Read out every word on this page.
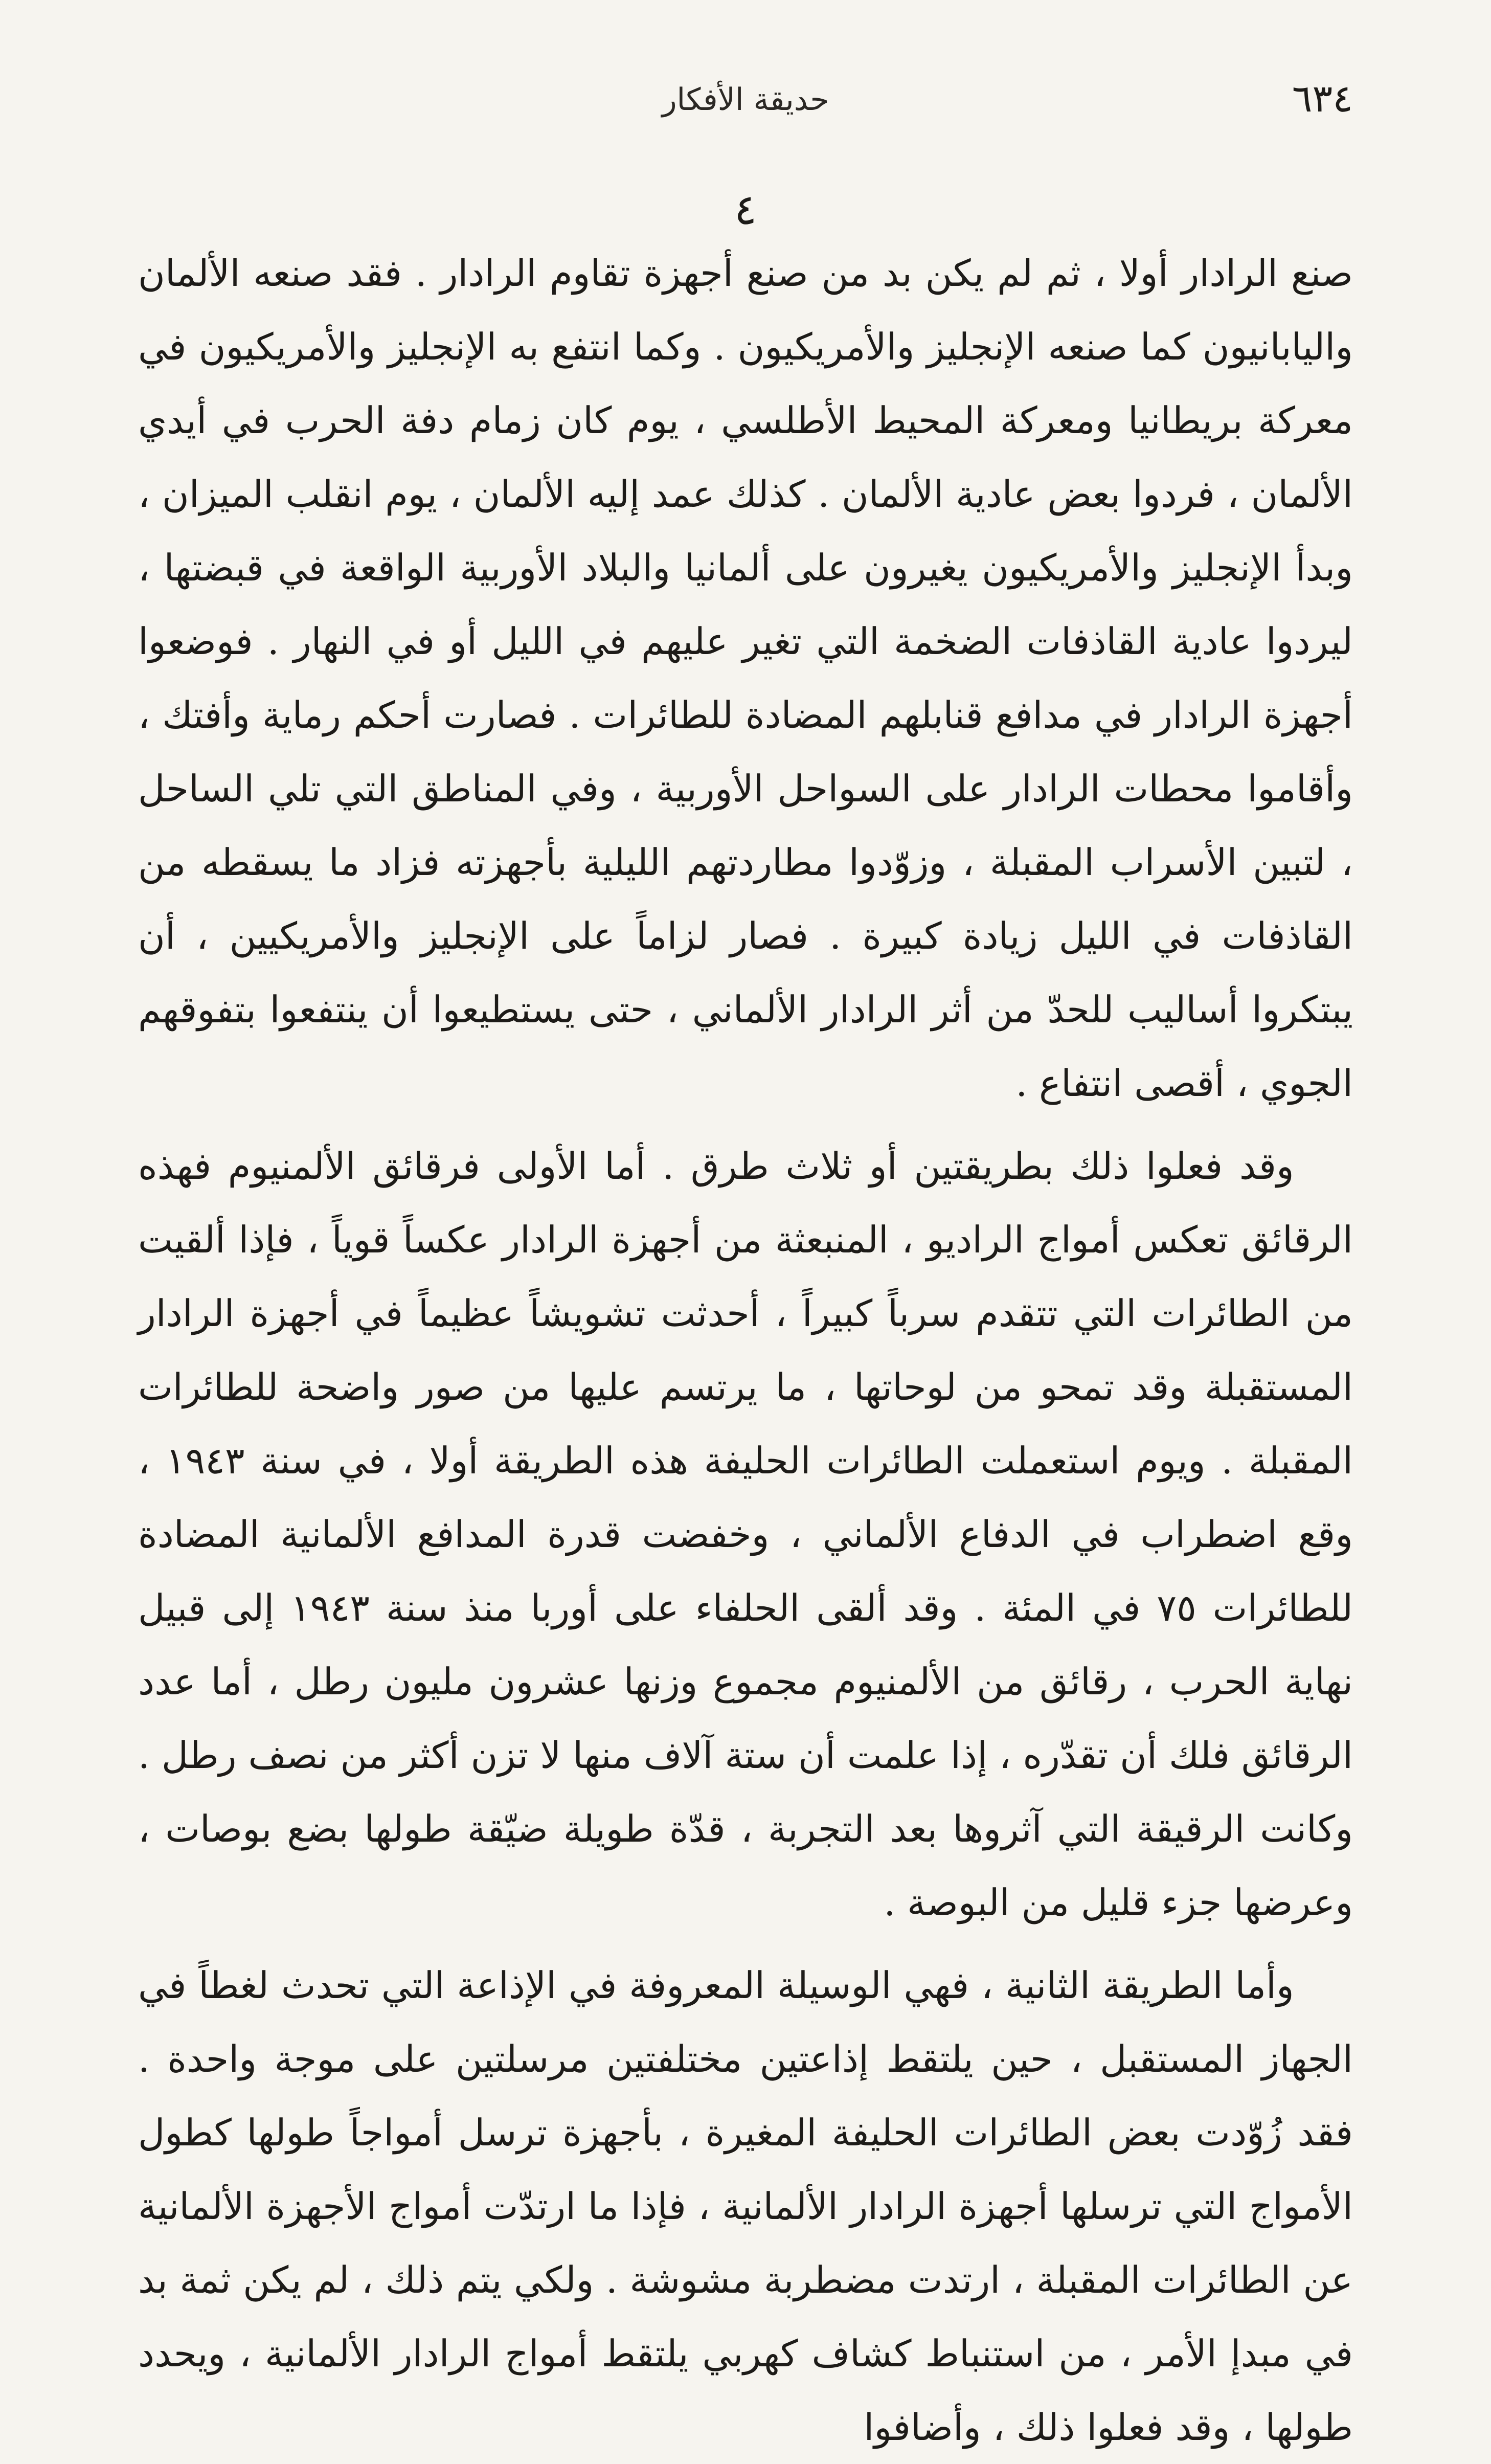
٦٣٤
حديقة الأفكار
٤

صنع الرادار أولا ، ثم لم يكن بد من صنع أجهزة تقاوم الرادار . فقد صنعه الألمان واليابانيون كما صنعه الإنجليز والأمريكيون . وكما انتفع به الإنجليز والأمريكيون في معركة بريطانيا ومعركة المحيط الأطلسي ، يوم كان زمام دفة الحرب في أيدي الألمان ، فردوا بعض عادية الألمان . كذلك عمد إليه الألمان ، يوم انقلب الميزان ، وبدأ الإنجليز والأمريكيون يغيرون على ألمانيا والبلاد الأوربية الواقعة في قبضتها ، ليردوا عادية القاذفات الضخمة التي تغير عليهم في الليل أو في النهار . فوضعوا أجهزة الرادار في مدافع قنابلهم المضادة للطائرات . فصارت أحكم رماية وأفتك ، وأقاموا محطات الرادار على السواحل الأوربية ، وفي المناطق التي تلي الساحل ، لتبين الأسراب المقبلة ، وزوّدوا مطاردتهم الليلية بأجهزته فزاد ما يسقطه من القاذفات في الليل زيادة كبيرة . فصار لزاماً على الإنجليز والأمريكيين ، أن يبتكروا أساليب للحدّ من أثر الرادار الألماني ، حتى يستطيعوا أن ينتفعوا بتفوقهم الجوي ، أقصى انتفاع .

وقد فعلوا ذلك بطريقتين أو ثلاث طرق . أما الأولى فرقائق الألمنيوم فهذه الرقائق تعكس أمواج الراديو ، المنبعثة من أجهزة الرادار عكساً قوياً ، فإذا ألقيت من الطائرات التي تتقدم سرباً كبيراً ، أحدثت تشويشاً عظيماً في أجهزة الرادار المستقبلة وقد تمحو من لوحاتها ، ما يرتسم عليها من صور واضحة للطائرات المقبلة . ويوم استعملت الطائرات الحليفة هذه الطريقة أولا ، في سنة ١٩٤٣ ، وقع اضطراب في الدفاع الألماني ، وخفضت قدرة المدافع الألمانية المضادة للطائرات ٧٥ في المئة . وقد ألقى الحلفاء على أوربا منذ سنة ١٩٤٣ إلى قبيل نهاية الحرب ، رقائق من الألمنيوم مجموع وزنها عشرون مليون رطل ، أما عدد الرقائق فلك أن تقدّره ، إذا علمت أن ستة آلاف منها لا تزن أكثر من نصف رطل . وكانت الرقيقة التي آثروها بعد التجربة ، قدّة طويلة ضيّقة طولها بضع بوصات ، وعرضها جزء قليل من البوصة .

وأما الطريقة الثانية ، فهي الوسيلة المعروفة في الإذاعة التي تحدث لغطاً في الجهاز المستقبل ، حين يلتقط إذاعتين مختلفتين مرسلتين على موجة واحدة . فقد زُوّدت بعض الطائرات الحليفة المغيرة ، بأجهزة ترسل أمواجاً طولها كطول الأمواج التي ترسلها أجهزة الرادار الألمانية ، فإذا ما ارتدّت أمواج الأجهزة الألمانية عن الطائرات المقبلة ، ارتدت مضطربة مشوشة . ولكي يتم ذلك ، لم يكن ثمة بد في مبدإ الأمر ، من استنباط كشاف كهربي يلتقط أمواج الرادار الألمانية ، ويحدد طولها ، وقد فعلوا ذلك ، وأضافوا
